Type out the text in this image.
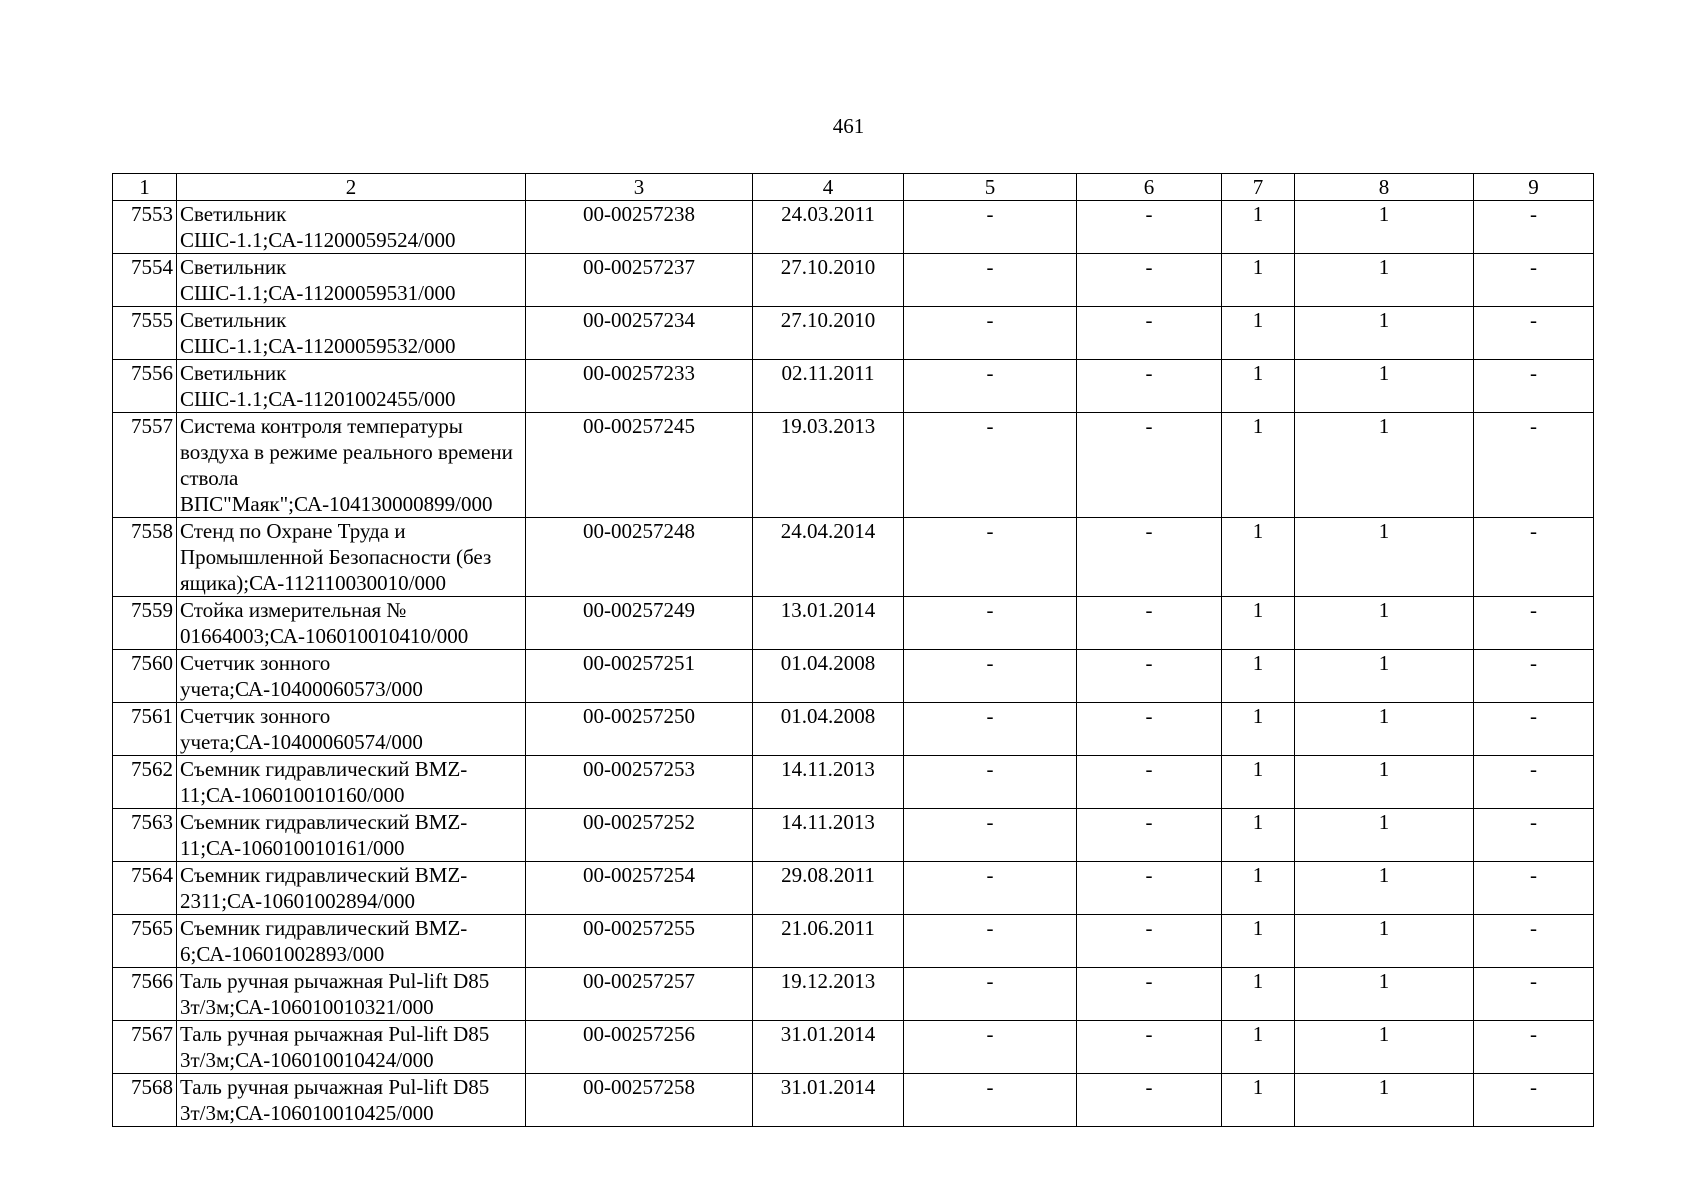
461
1	2	3	4	5	6	7	8	9
7553	Светильник СШС-1.1;СА-11200059524/000	00-00257238	24.03.2011	-	-	1	1	-
7554	Светильник СШС-1.1;СА-11200059531/000	00-00257237	27.10.2010	-	-	1	1	-
7555	Светильник СШС-1.1;СА-11200059532/000	00-00257234	27.10.2010	-	-	1	1	-
7556	Светильник СШС-1.1;СА-11201002455/000	00-00257233	02.11.2011	-	-	1	1	-
7557	Система контроля температуры воздуха в режиме реального времени ствола ВПС"Маяк";СА-104130000899/000	00-00257245	19.03.2013	-	-	1	1	-
7558	Стенд по Охране Труда и Промышленной Безопасности (без ящика);СА-112110030010/000	00-00257248	24.04.2014	-	-	1	1	-
7559	Стойка измерительная № 01664003;СА-106010010410/000	00-00257249	13.01.2014	-	-	1	1	-
7560	Счетчик зонного учета;СА-10400060573/000	00-00257251	01.04.2008	-	-	1	1	-
7561	Счетчик зонного учета;СА-10400060574/000	00-00257250	01.04.2008	-	-	1	1	-
7562	Съемник гидравлический BMZ-11;СА-106010010160/000	00-00257253	14.11.2013	-	-	1	1	-
7563	Съемник гидравлический BMZ-11;СА-106010010161/000	00-00257252	14.11.2013	-	-	1	1	-
7564	Съемник гидравлический BMZ-2311;СА-10601002894/000	00-00257254	29.08.2011	-	-	1	1	-
7565	Съемник гидравлический BMZ-6;СА-10601002893/000	00-00257255	21.06.2011	-	-	1	1	-
7566	Таль ручная рычажная Pul-lift D85 3т/3м;СА-106010010321/000	00-00257257	19.12.2013	-	-	1	1	-
7567	Таль ручная рычажная Pul-lift D85 3т/3м;СА-106010010424/000	00-00257256	31.01.2014	-	-	1	1	-
7568	Таль ручная рычажная Pul-lift D85 3т/3м;СА-106010010425/000	00-00257258	31.01.2014	-	-	1	1	-
